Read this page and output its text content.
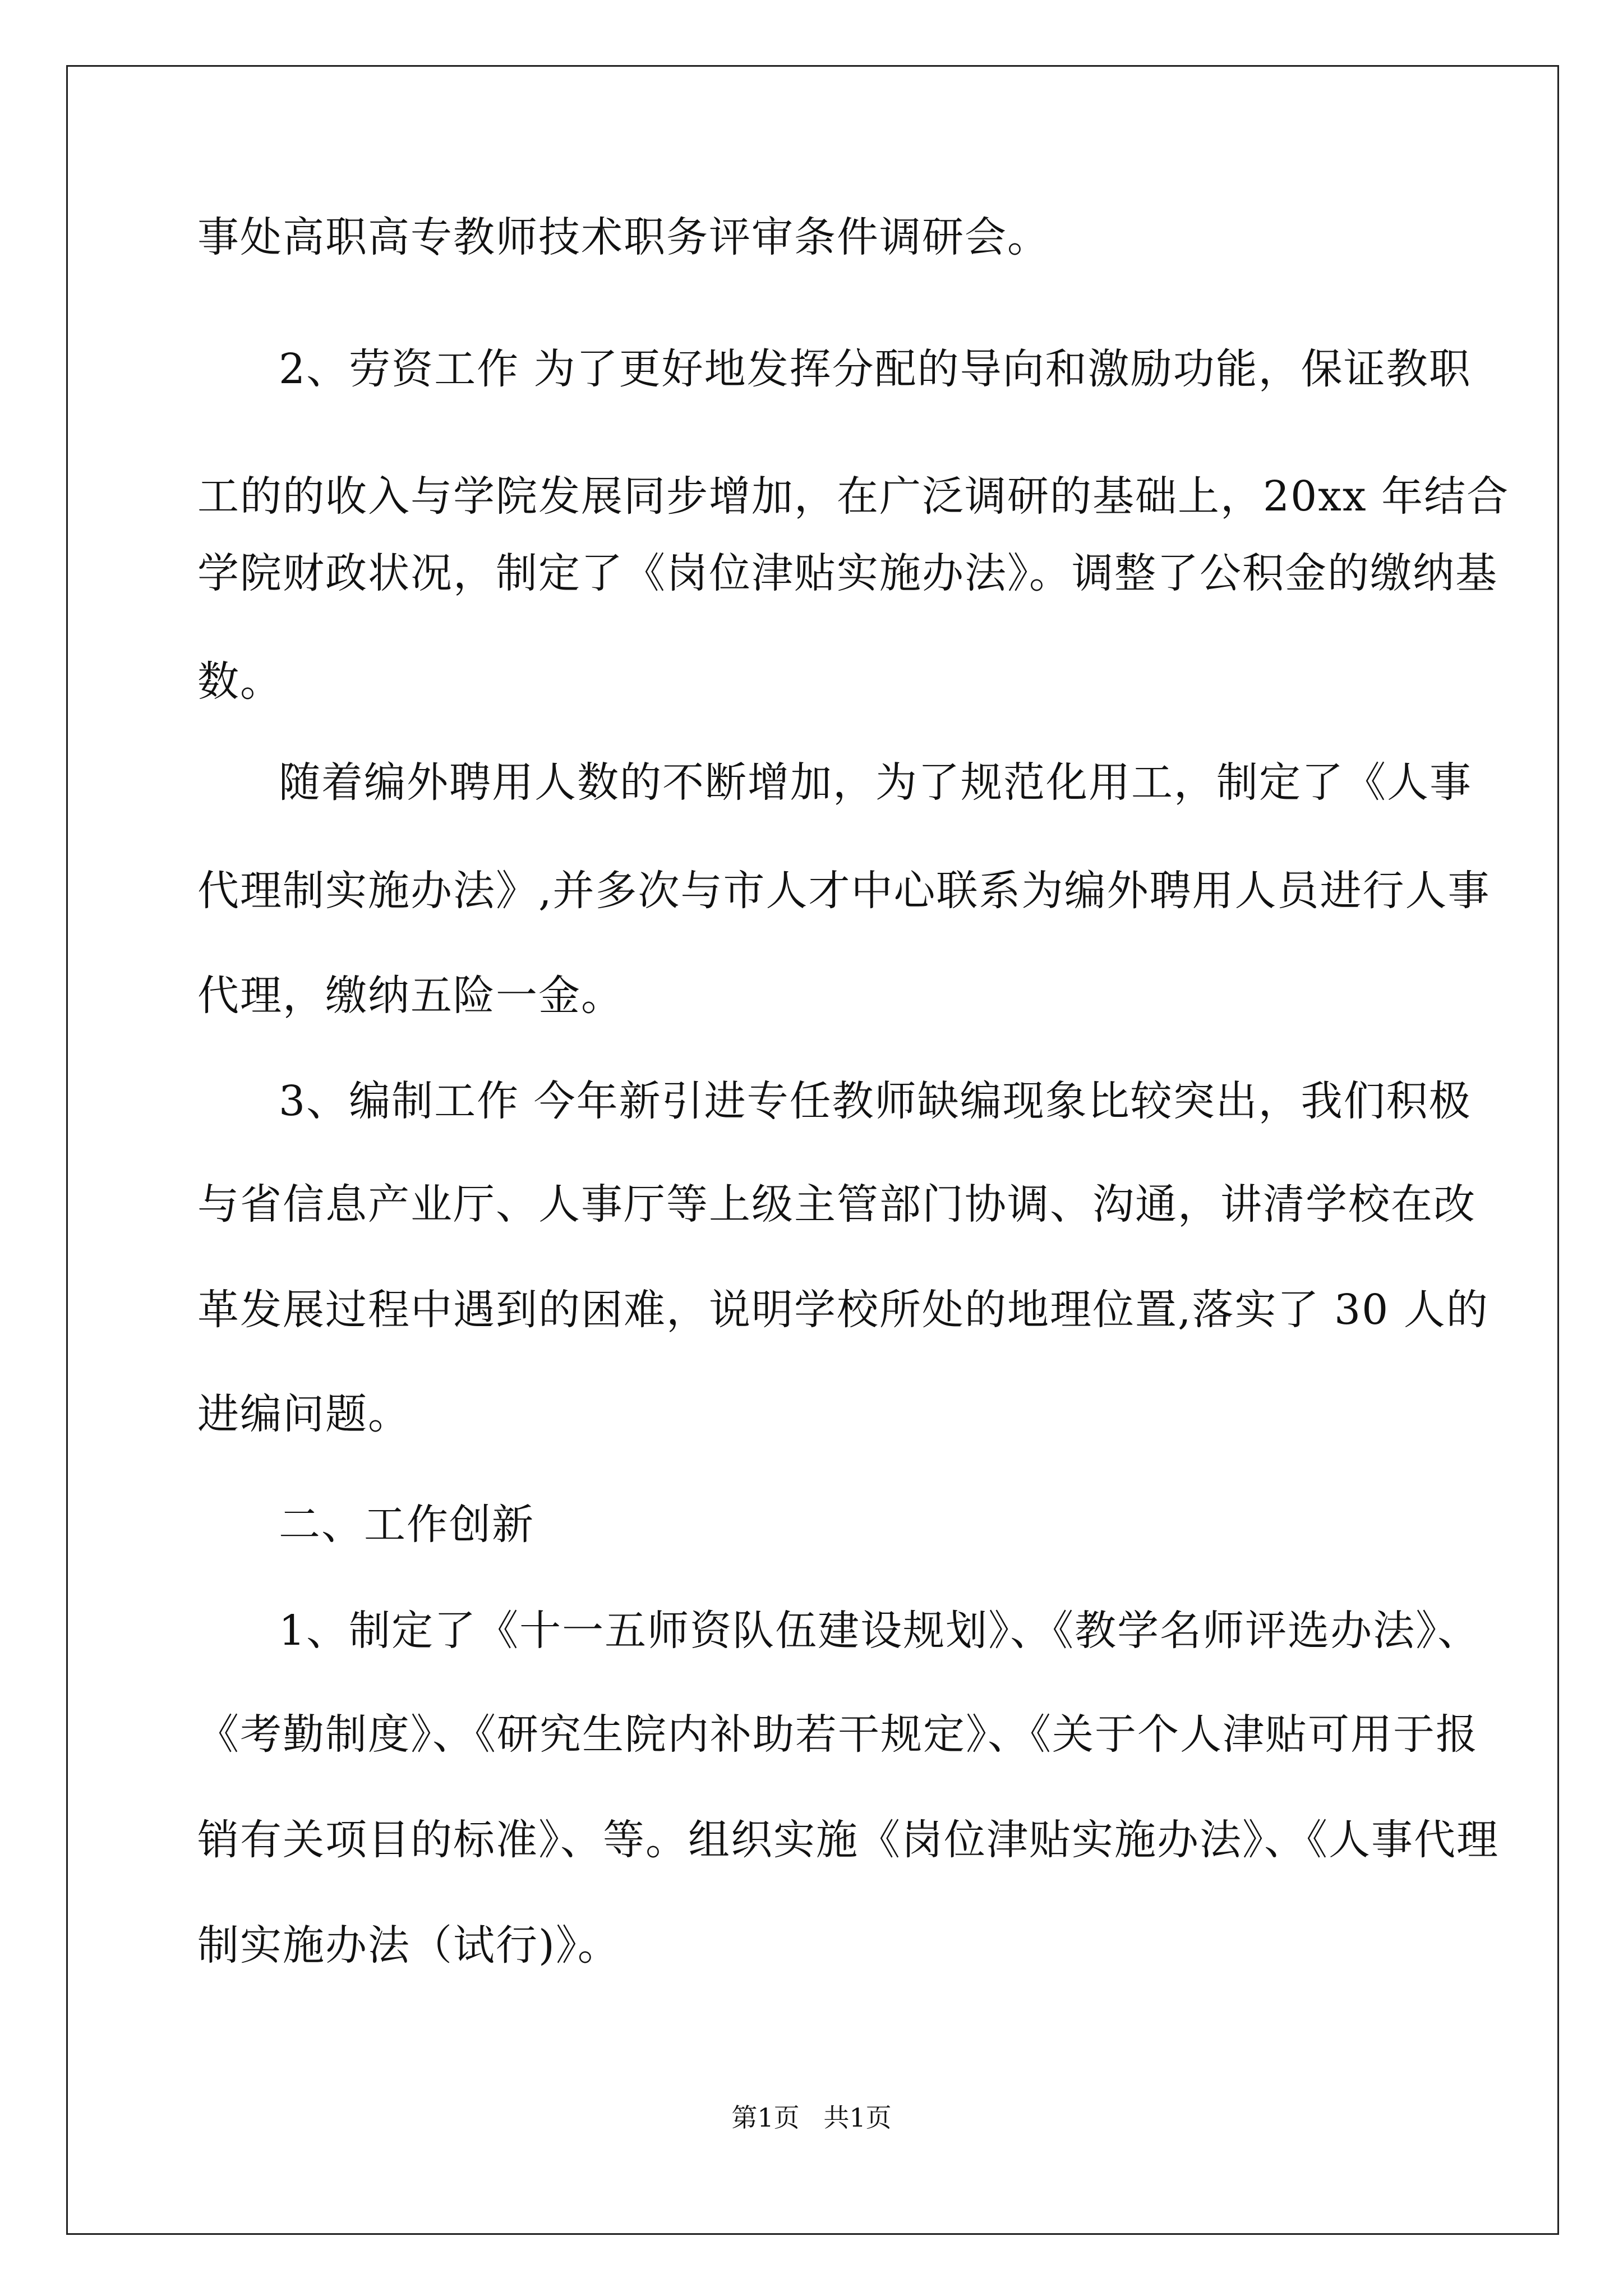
事处高职高专教师技术职务评审条件调研会。
2、劳资工作 为了更好地发挥分配的导向和激励功能，保证教职
工的的收入与学院发展同步增加，在广泛调研的基础上，20xx 年结合
学院财政状况，制定了《岗位津贴实施办法》。调整了公积金的缴纳基
数。
随着编外聘用人数的不断增加，为了规范化用工，制定了《人事
代理制实施办法》,并多次与市人才中心联系为编外聘用人员进行人事
代理，缴纳五险一金。
3、编制工作 今年新引进专任教师缺编现象比较突出，我们积极
与省信息产业厅、人事厅等上级主管部门协调、沟通，讲清学校在改
革发展过程中遇到的困难，说明学校所处的地理位置,落实了 30 人的
进编问题。
二、工作创新
1、制定了《十一五师资队伍建设规划》、《教学名师评选办法》、
《考勤制度》、《研究生院内补助若干规定》、《关于个人津贴可用于报
销有关项目的标准》、等。组织实施《岗位津贴实施办法》、《人事代理
制实施办法（试行)》。
第1页 共1页
